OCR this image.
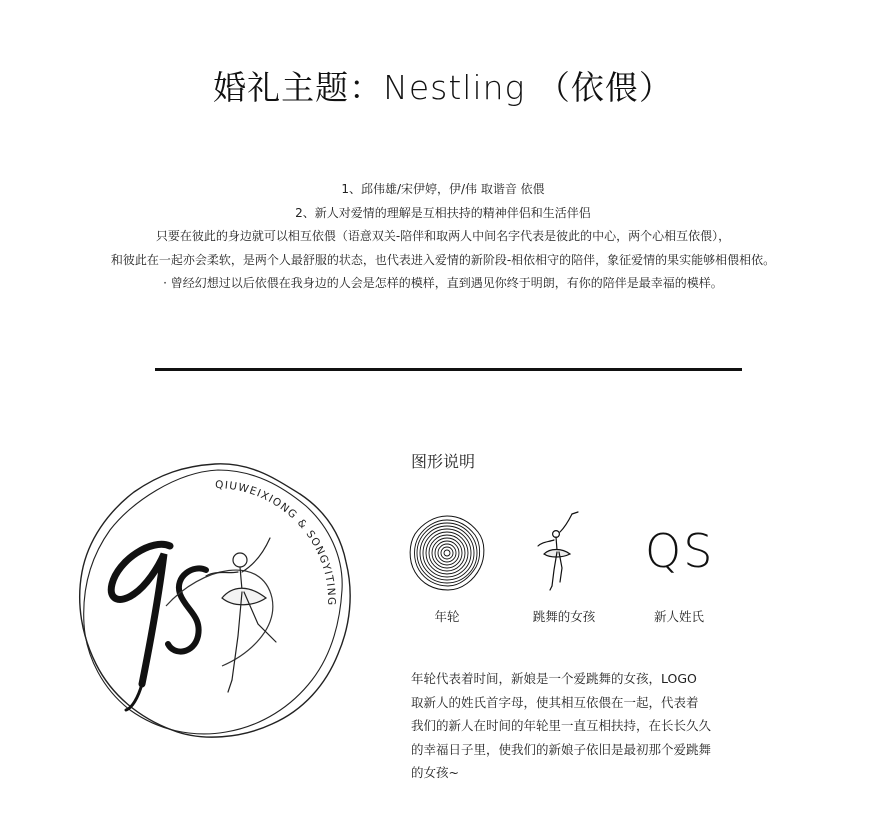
婚礼主题：Nestling （依偎）
1、邱伟雄/宋伊婷，伊/伟 取谐音 依偎
2、新人对爱情的理解是互相扶持的精神伴侣和生活伴侣
只要在彼此的身边就可以相互依偎（语意双关-陪伴和取两人中间名字代表是彼此的中心，两个心相互依偎），
和彼此在一起亦会柔软，是两个人最舒服的状态，也代表进入爱情的新阶段-相依相守的陪伴，象征爱情的果实能够相偎相依。
· 曾经幻想过以后依偎在我身边的人会是怎样的模样，直到遇见你终于明朗，有你的陪伴是最幸福的模样。
QIUWEIXIONG & SONGYITING
图形说明
年轮	跳舞的女孩
QS
新人姓氏
年轮代表着时间，新娘是一个爱跳舞的女孩，LOGO
取新人的姓氏首字母，使其相互依偎在一起，代表着
我们的新人在时间的年轮里一直互相扶持，在长长久久
的幸福日子里，使我们的新娘子依旧是最初那个爱跳舞
的女孩~
